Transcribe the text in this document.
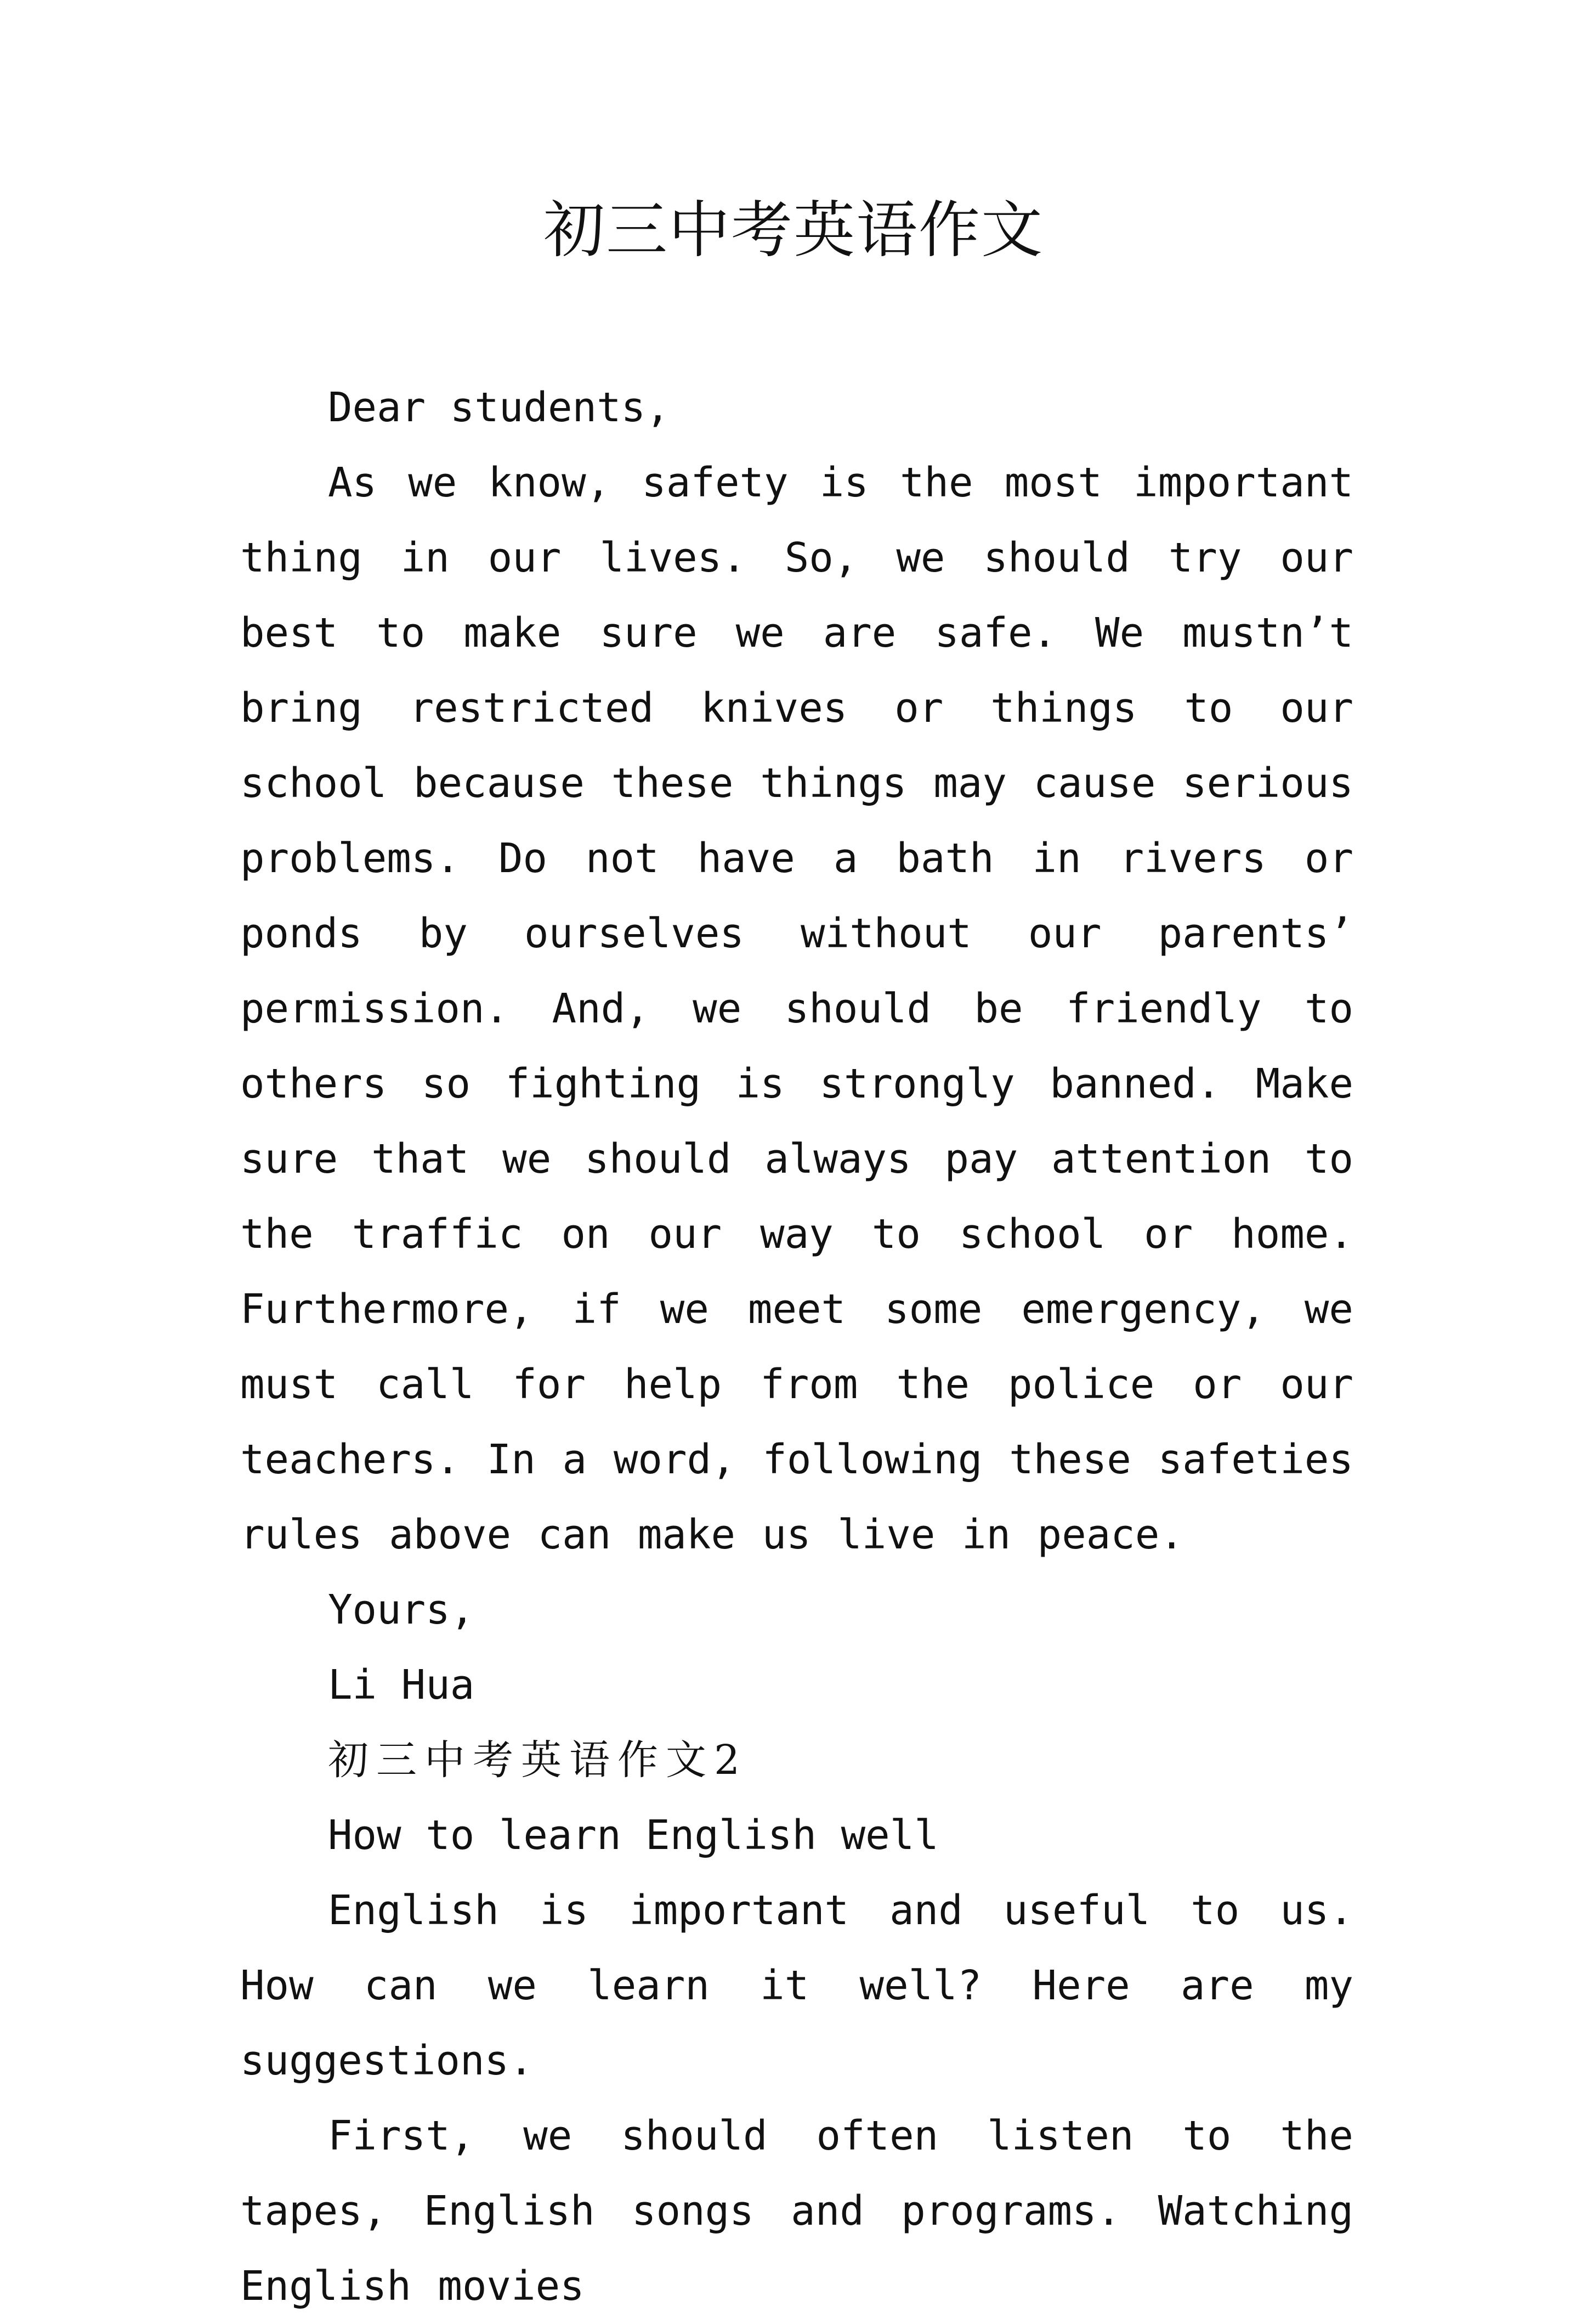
初三中考英语作文

Dear students,

As we know, safety is the most important thing in our lives. So, we should try our best to make sure we are safe. We mustn’t bring restricted knives or things to our school because these things may cause serious problems. Do not have a bath in rivers or ponds by ourselves without our parents’ permission. And, we should be friendly to others so fighting is strongly banned. Make sure that we should always pay attention to the traffic on our way to school or home. Furthermore, if we meet some emergency, we must call for help from the police or our teachers. In a word, following these safeties rules above can make us live in peace.

Yours,

Li Hua

初三中考英语作文2

How to learn English well

English is important and useful to us. How can we learn it well? Here are my suggestions.

First, we should often listen to the tapes, English songs and programs. Watching English movies
